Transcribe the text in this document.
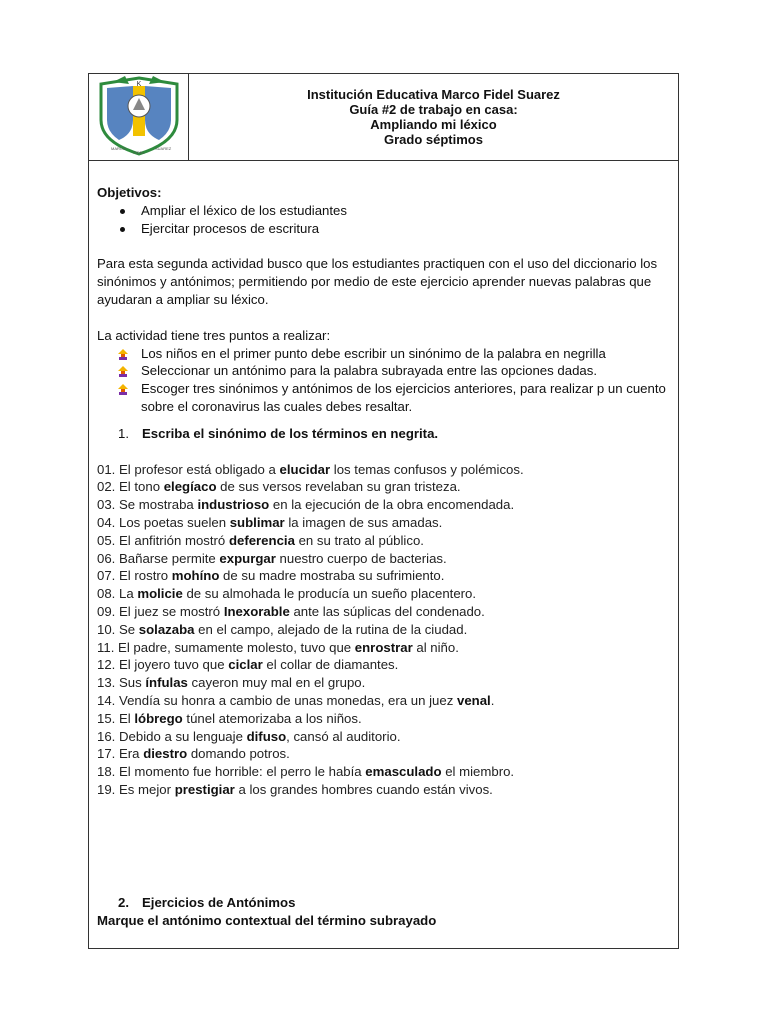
K
MARCO
FIDEL
SUAREZ
Institución Educativa Marco Fidel Suarez
Guía #2 de trabajo en casa:
Ampliando mi léxico
Grado séptimos

Objetivos:

Ampliar el léxico de los estudiantes
Ejercitar procesos de escritura

Para esta segunda actividad busco que los estudiantes practiquen con el uso del diccionario los sinónimos y antónimos; permitiendo por medio de este ejercicio aprender nuevas palabras que ayudaran a ampliar su léxico.

La actividad tiene tres puntos a realizar:

Los niños en el primer punto debe escribir un sinónimo de la palabra en negrilla
Seleccionar un antónimo para la palabra subrayada entre las opciones dadas.
Escoger tres sinónimos y antónimos de los ejercicios anteriores, para realizar p un cuento sobre el coronavirus las cuales debes resaltar.

1. Escriba el sinónimo de los términos en negrita.

01. El profesor está obligado a elucidar los temas confusos y polémicos.

02. El tono elegíaco de sus versos revelaban su gran tristeza.

03. Se mostraba industrioso en la ejecución de la obra encomendada.

04. Los poetas suelen sublimar la imagen de sus amadas.

05. El anfitrión mostró deferencia en su trato al público.

06. Bañarse permite expurgar nuestro cuerpo de bacterias.

07. El rostro mohíno de su madre mostraba su sufrimiento.

08. La molicie de su almohada le producía un sueño placentero.

09. El juez se mostró Inexorable ante las súplicas del condenado.

10. Se solazaba en el campo, alejado de la rutina de la ciudad.

11. El padre, sumamente molesto, tuvo que enrostrar al niño.

12. El joyero tuvo que ciclar el collar de diamantes.

13. Sus ínfulas cayeron muy mal en el grupo.

14. Vendía su honra a cambio de unas monedas, era un juez venal.

15. El lóbrego túnel atemorizaba a los niños.

16. Debido a su lenguaje difuso, cansó al auditorio.

17. Era diestro domando potros.

18. El momento fue horrible: el perro le había emasculado el miembro.

19. Es mejor prestigiar a los grandes hombres cuando están vivos.

2. Ejercicios de Antónimos
Marque el antónimo contextual del término subrayado
